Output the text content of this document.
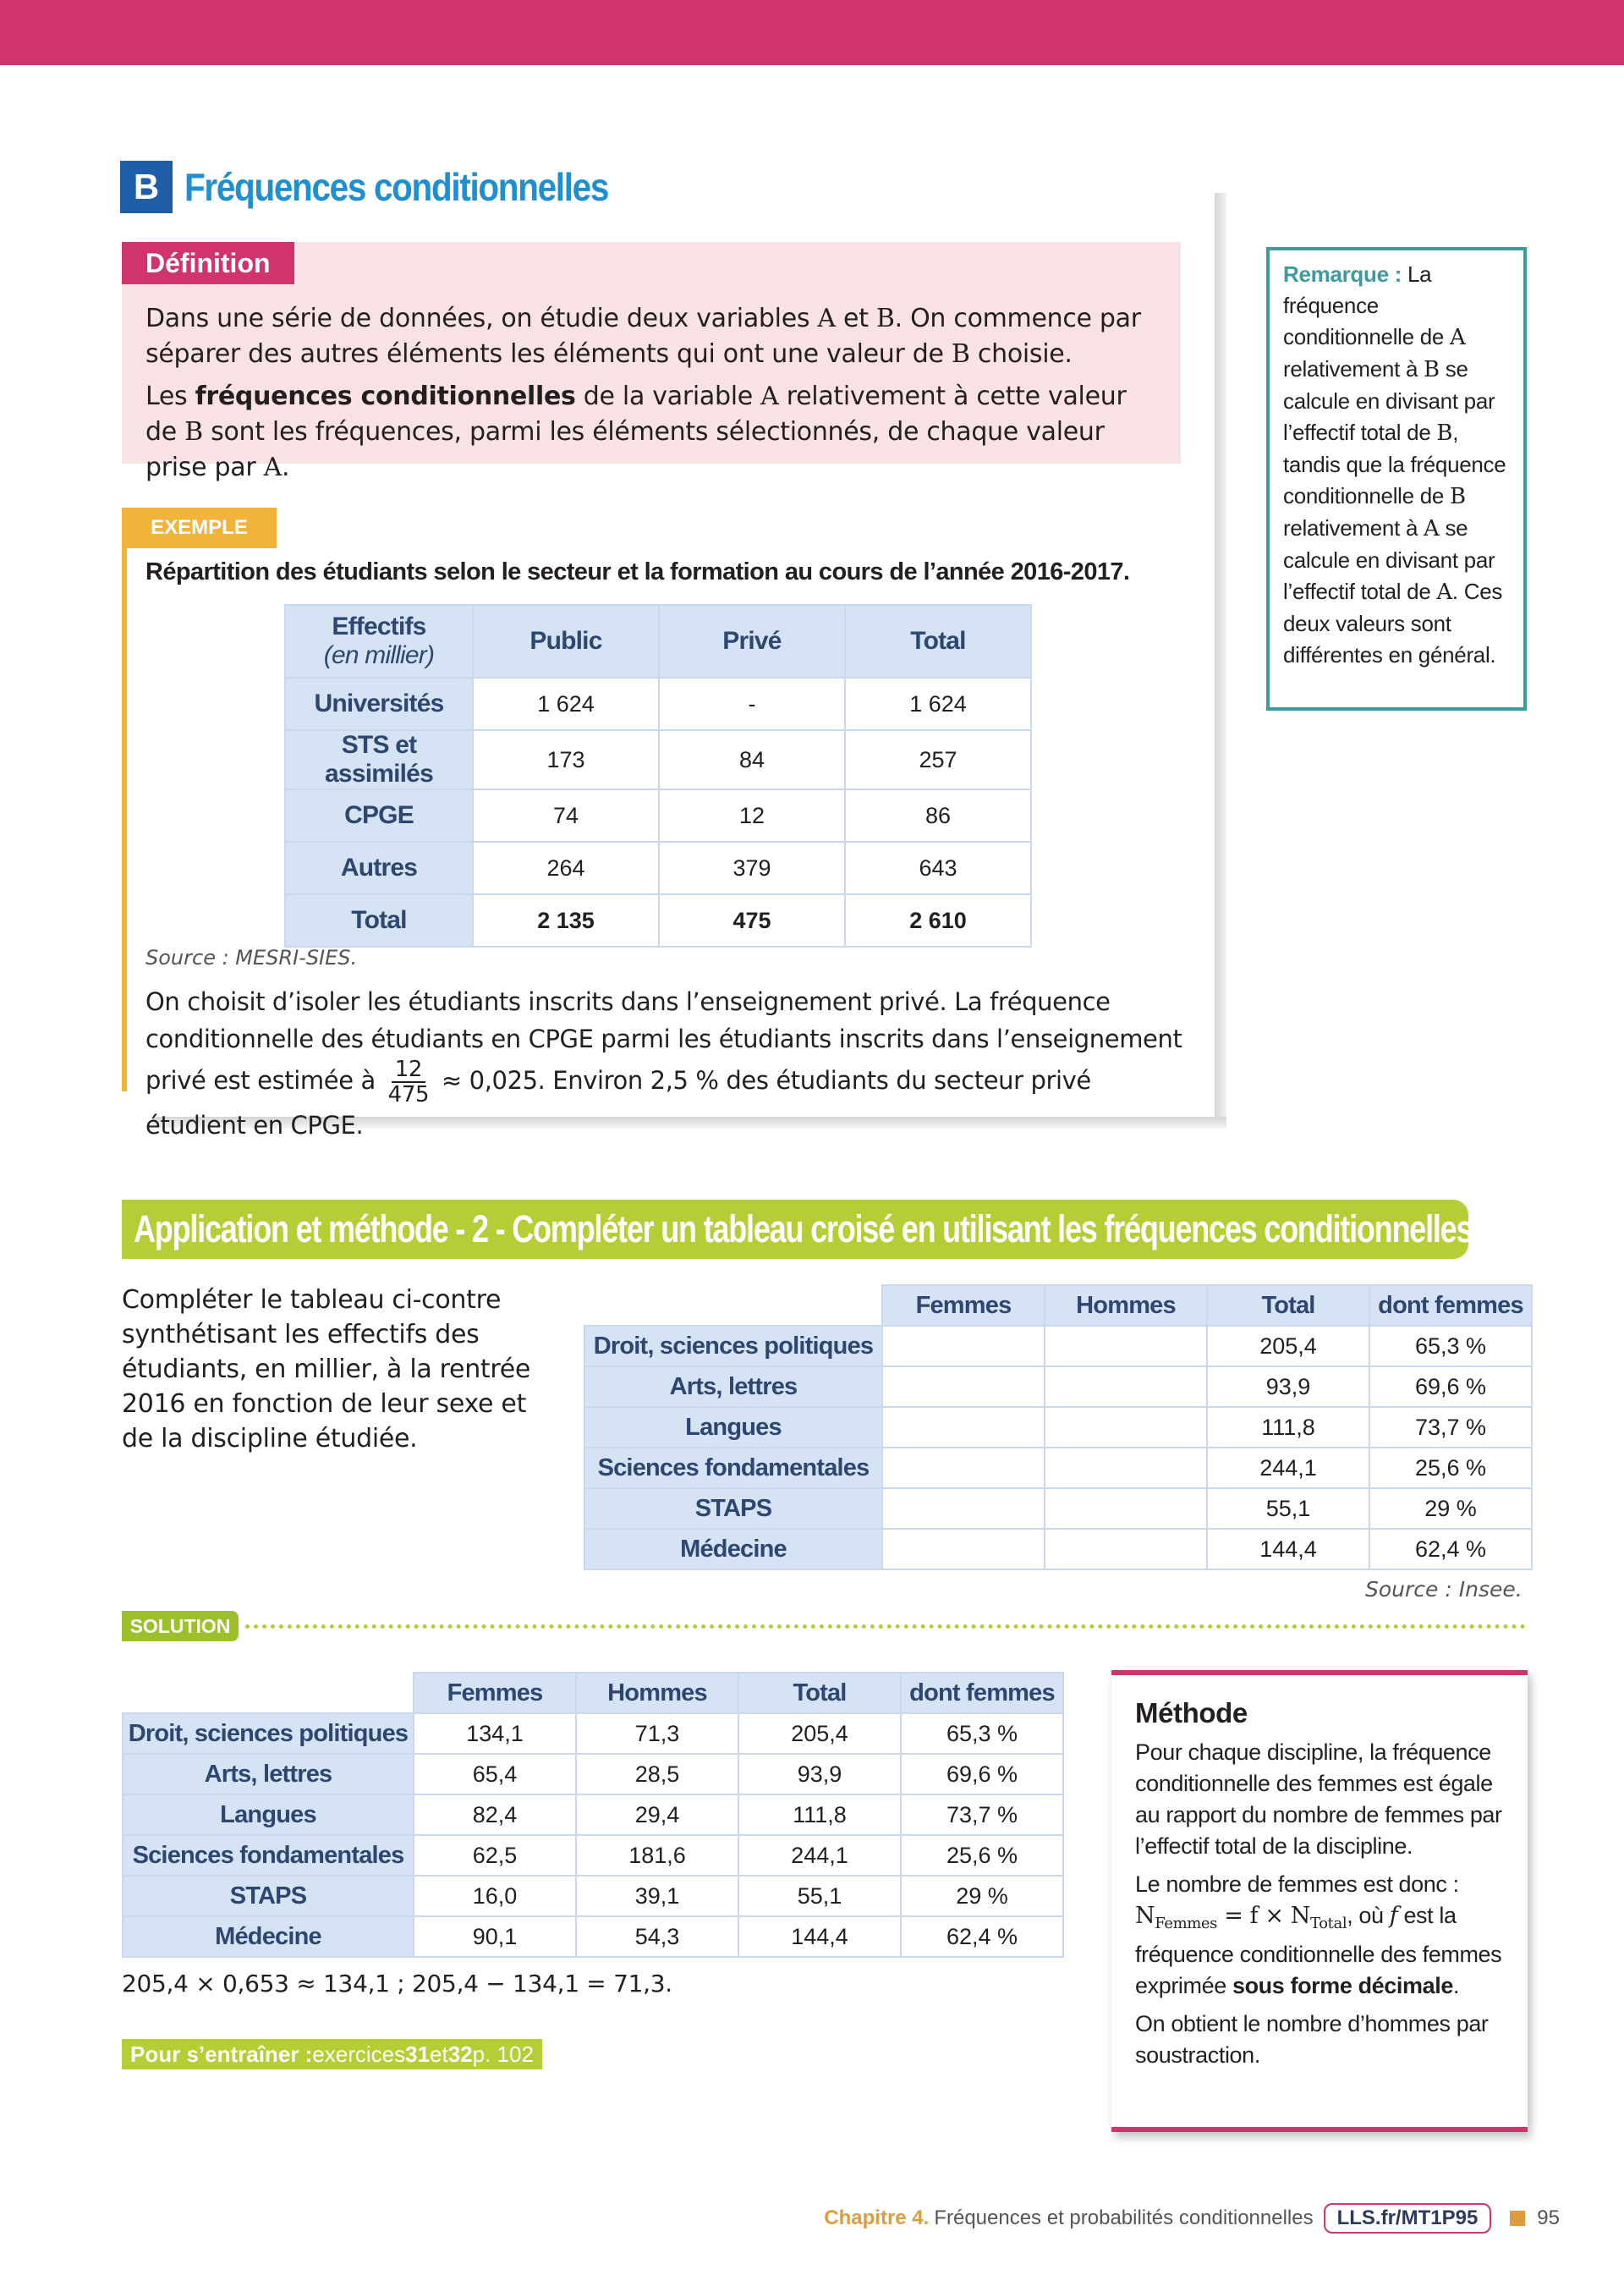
B Fréquences conditionnelles
Définition

Dans une série de données, on étudie deux variables A et B. On commence par séparer des autres éléments les éléments qui ont une valeur de B choisie.

Les fréquences conditionnelles de la variable A relativement à cette valeur de B sont les fréquences, parmi les éléments sélectionnés, de chaque valeur prise par A.

EXEMPLE
Répartition des étudiants selon le secteur et la formation au cours de l’année 2016-2017.
Effectifs
(en millier)	Public	Privé	Total
Universités	1 624	-	1 624
STS et assimilés	173	84	257
CPGE	74	12	86
Autres	264	379	643
Total	2 135	475	2 610
Source : MESRI-SIES.
On choisit d’isoler les étudiants inscrits dans l’enseignement privé. La fréquence conditionnelle des étudiants en CPGE parmi les étudiants inscrits dans l’enseignement privé est estimée à $\frac{12}{475} \approx 0,025$. Environ 2,5 % des étudiants du secteur privé étudient en CPGE.
Remarque : La fréquence conditionnelle de A relativement à B se calcule en divisant par l’effectif total de B, tandis que la fréquence conditionnelle de B relativement à A se calcule en divisant par l’effectif total de A. Ces deux valeurs sont différentes en général.
Application et méthode - 2 - Compléter un tableau croisé en utilisant les fréquences conditionnelles
Compléter le tableau ci-contre synthétisant les effectifs des étudiants, en millier, à la rentrée 2016 en fonction de leur sexe et de la discipline étudiée.
	Femmes	Hommes	Total	dont femmes
Droit, sciences politiques			205,4	65,3 %
Arts, lettres			93,9	69,6 %
Langues			111,8	73,7 %
Sciences fondamentales			244,1	25,6 %
STAPS			55,1	29 %
Médecine			144,4	62,4 %
Source : Insee.
SOLUTION
	Femmes	Hommes	Total	dont femmes
Droit, sciences politiques	134,1	71,3	205,4	65,3 %
Arts, lettres	65,4	28,5	93,9	69,6 %
Langues	82,4	29,4	111,8	73,7 %
Sciences fondamentales	62,5	181,6	244,1	25,6 %
STAPS	16,0	39,1	55,1	29 %
Médecine	90,1	54,3	144,4	62,4 %
205,4 × 0,653 ≈ 134,1 ; 205,4 − 134,1 = 71,3.
Pour s’entraîner : exercices 31 et 32 p. 102
Méthode

Pour chaque discipline, la fréquence conditionnelle des femmes est égale au rapport du nombre de femmes par l’effectif total de la discipline.

Le nombre de femmes est donc : $N_{Femmes} = f \times N_{Total}$, où f est la fréquence conditionnelle des femmes exprimée sous forme décimale.

On obtient le nombre d’hommes par soustraction.

Chapitre 4. Fréquences et probabilités conditionnelles	LLS.fr/MT1P95	95
